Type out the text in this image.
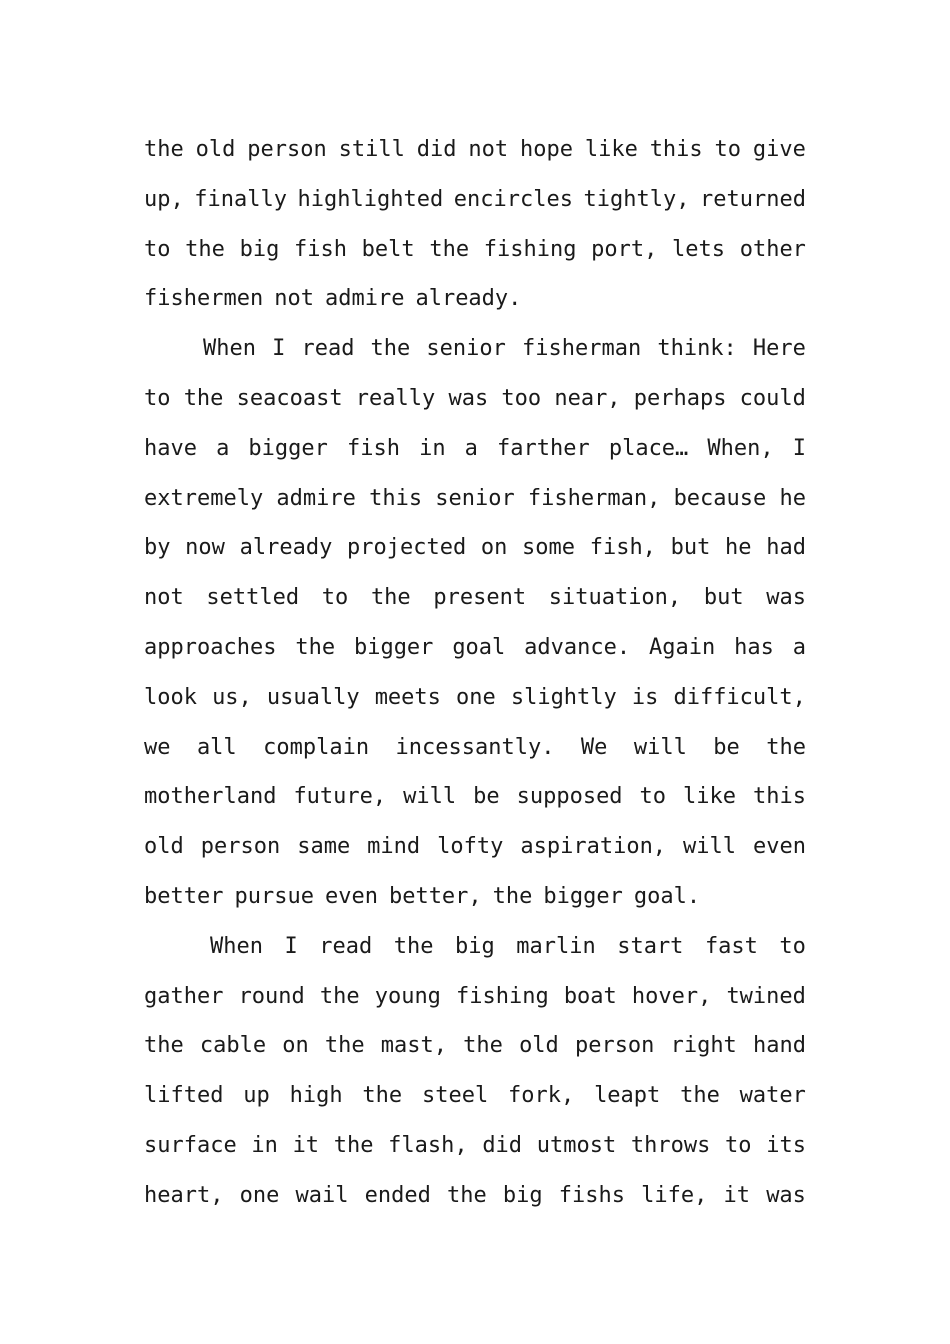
the old person still did not hope like this to give
up, finally highlighted encircles tightly, returned
to the big fish belt the fishing port, lets other
fishermen not admire already.
When I read the senior fisherman think: Here
to the seacoast really was too near, perhaps could
have a bigger fish in a farther place… When, I
extremely admire this senior fisherman, because he
by now already projected on some fish, but he had
not settled to the present situation, but was
approaches the bigger goal advance. Again has a
look us, usually meets one slightly is difficult,
we all complain incessantly. We will be the
motherland future, will be supposed to like this
old person same mind lofty aspiration, will even
better pursue even better, the bigger goal.
When I read the big marlin start fast to
gather round the young fishing boat hover, twined
the cable on the mast, the old person right hand
lifted up high the steel fork, leapt the water
surface in it the flash, did utmost throws to its
heart, one wail ended the big fishs life, it was
